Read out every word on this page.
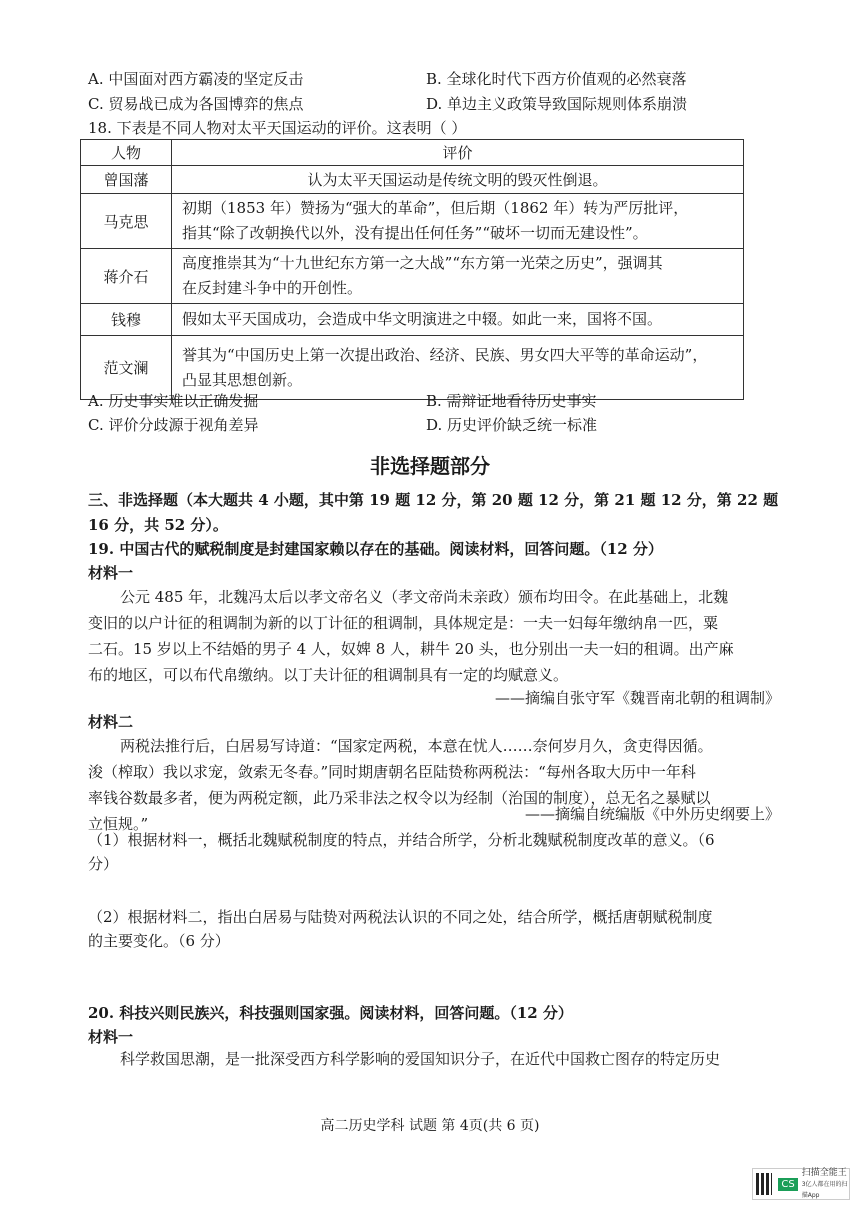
A. 中国面对西方霸凌的坚定反击	B. 全球化时代下西方价值观的必然衰落
C. 贸易战已成为各国博弈的焦点	D. 单边主义政策导致国际规则体系崩溃
18. 下表是不同人物对太平天国运动的评价。这表明（ ）
人物	评价
曾国藩	认为太平天国运动是传统文明的毁灭性倒退。
马克思	初期（1853 年）赞扬为“强大的革命”，但后期（1862 年）转为严厉批评，
指其“除了改朝换代以外，没有提出任何任务”“破坏一切而无建设性”。

蒋介石	高度推崇其为“十九世纪东方第一之大战”“东方第一光荣之历史”，强调其
在反封建斗争中的开创性。

钱穆	假如太平天国成功，会造成中华文明演进之中辍。如此一来，国将不国。
范文澜	誉其为“中国历史上第一次提出政治、经济、民族、男女四大平等的革命运动”，
凸显其思想创新。
A. 历史事实难以正确发掘	B. 需辩证地看待历史事实
C. 评价分歧源于视角差异	D. 历史评价缺乏统一标准
非选择题部分
三、非选择题（本大题共 4 小题，其中第 19 题 12 分，第 20 题 12 分，第 21 题 12 分，第 22 题
16 分，共 52 分）。
19. 中国古代的赋税制度是封建国家赖以存在的基础。阅读材料，回答问题。（12 分）
材料一
公元 485 年，北魏冯太后以孝文帝名义（孝文帝尚未亲政）颁布均田令。在此基础上，北魏
变旧的以户计征的租调制为新的以丁计征的租调制，具体规定是：一夫一妇每年缴纳帛一匹，粟
二石。15 岁以上不结婚的男子 4 人，奴婢 8 人，耕牛 20 头，也分别出一夫一妇的租调。出产麻
布的地区，可以布代帛缴纳。以丁夫计征的租调制具有一定的均赋意义。
——摘编自张守军《魏晋南北朝的租调制》
材料二
两税法推行后，白居易写诗道：“国家定两税，本意在忧人……奈何岁月久，贪吏得因循。
浚（榨取）我以求宠，敛索无冬春。”同时期唐朝名臣陆贽称两税法：“每州各取大历中一年科
率钱谷数最多者，便为两税定额，此乃采非法之权令以为经制（治国的制度），总无名之暴赋以
立恒规。”
——摘编自统编版《中外历史纲要上》
（1）根据材料一，概括北魏赋税制度的特点，并结合所学，分析北魏赋税制度改革的意义。（6
分）
（2）根据材料二，指出白居易与陆贽对两税法认识的不同之处，结合所学，概括唐朝赋税制度
的主要变化。（6 分）
20. 科技兴则民族兴，科技强则国家强。阅读材料，回答问题。（12 分）
材料一
科学救国思潮，是一批深受西方科学影响的爱国知识分子，在近代中国救亡图存的特定历史
高二历史学科 试题 第 4页(共 6 页)
CS
扫描全能王
3亿人都在用的扫描App
